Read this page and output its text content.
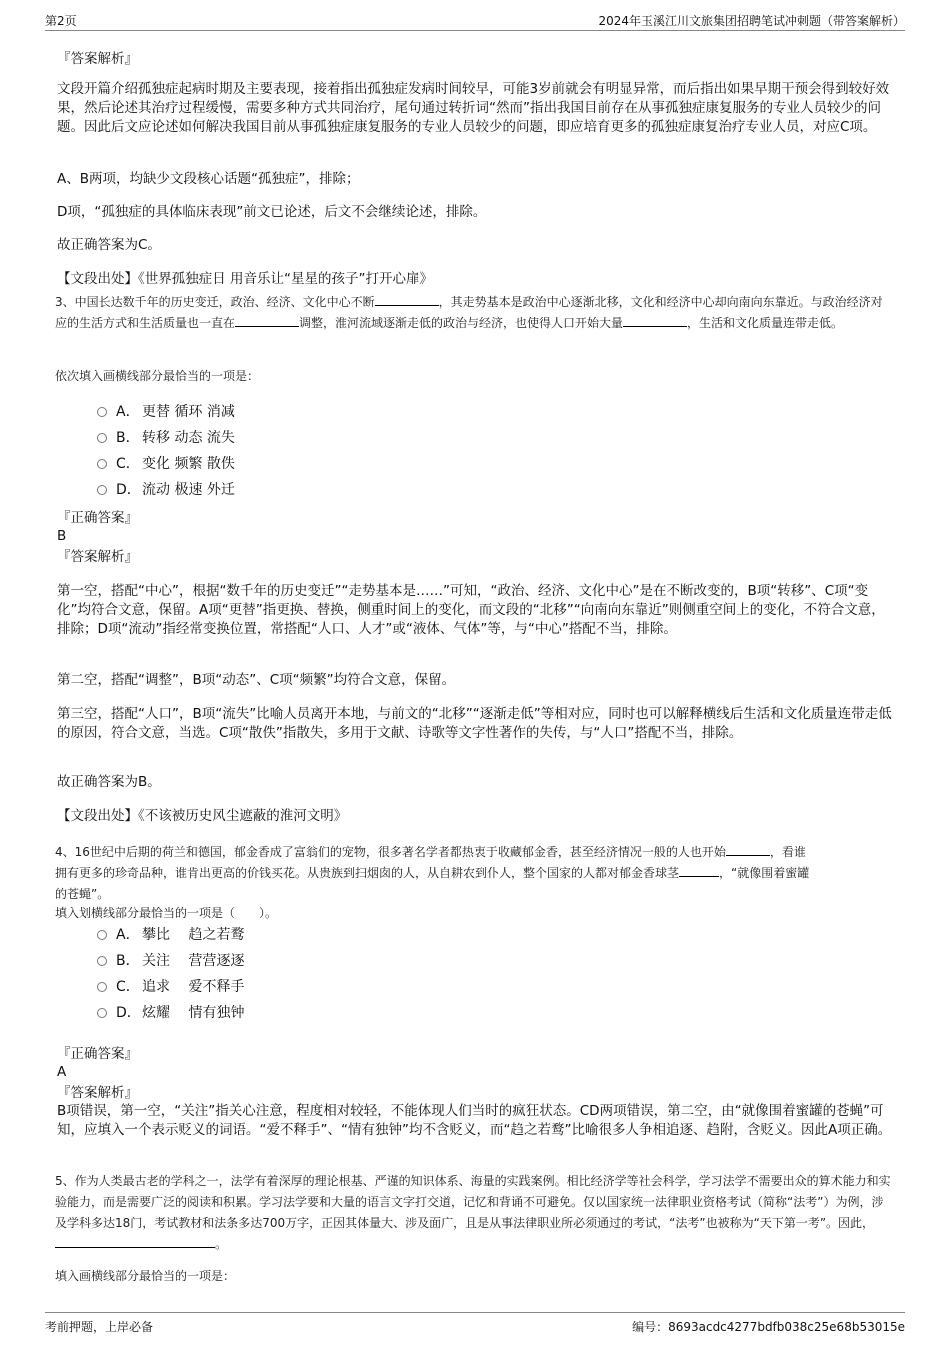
第2页	2024年玉溪江川文旅集团招聘笔试冲刺题（带答案解析）
『答案解析』
文段开篇介绍孤独症起病时期及主要表现，接着指出孤独症发病时间较早，可能3岁前就会有明显异常，而后指出如果早期干预会得到较好效果，然后论述其治疗过程缓慢，需要多种方式共同治疗，尾句通过转折词“然而”指出我国目前存在从事孤独症康复服务的专业人员较少的问题。因此后文应论述如何解决我国目前从事孤独症康复服务的专业人员较少的问题，即应培育更多的孤独症康复治疗专业人员，对应C项。
A、B两项，均缺少文段核心话题“孤独症”，排除；
D项，“孤独症的具体临床表现”前文已论述，后文不会继续论述，排除。
故正确答案为C。
【文段出处】《世界孤独症日 用音乐让“星星的孩子”打开心扉》
3、中国长达数千年的历史变迁，政治、经济、文化中心不断	，其走势基本是政治中心逐渐北移，文化和经济中心却向南向东靠近。与政治经济对应的生活方式和生活质量也一直在	调整，淮河流域逐渐走低的政治与经济，也使得人口开始大量	，生活和文化质量连带走低。
依次填入画横线部分最恰当的一项是：
A． 更替 循环 消减
B． 转移 动态 流失
C． 变化 频繁 散佚
D．流动 极速 外迁
『正确答案』
B
『答案解析』
第一空，搭配“中心”，根据“数千年的历史变迁”“走势基本是……”可知，“政治、经济、文化中心”是在不断改变的，B项“转移”、C项“变化”均符合文意，保留。A项“更替”指更换、替换，侧重时间上的变化，而文段的“北移”“向南向东靠近”则侧重空间上的变化，不符合文意，排除；D项“流动”指经常变换位置，常搭配“人口、人才”或“液体、气体”等，与“中心”搭配不当，排除。
第二空，搭配“调整”，B项“动态”、C项“频繁”均符合文意，保留。
第三空，搭配“人口”，B项“流失”比喻人员离开本地，与前文的“北移”“逐渐走低”等相对应，同时也可以解释横线后生活和文化质量连带走低的原因，符合文意，当选。C项“散佚”指散失，多用于文献、诗歌等文字性著作的失传，与“人口”搭配不当，排除。
故正确答案为B。
【文段出处】《不该被历史风尘遮蔽的淮河文明》
4、16世纪中后期的荷兰和德国，郁金香成了富翁们的宠物，很多著名学者都热衷于收藏郁金香，甚至经济情况一般的人也开始	，看谁
拥有更多的珍奇品种，谁肯出更高的价钱买花。从贵族到扫烟囱的人，从自耕农到仆人，整个国家的人都对郁金香球茎	，“就像围着蜜罐
的苍蝇”。
填入划横线部分最恰当的一项是（　　）。
A． 攀比　 趋之若鹜
B． 关注　 营营逐逐
C． 追求　 爱不释手
D．炫耀　 情有独钟
『正确答案』
A
『答案解析』
B项错误，第一空，“关注”指关心注意，程度相对较轻，不能体现人们当时的疯狂状态。CD两项错误，第二空，由“就像围着蜜罐的苍蝇”可知，应填入一个表示贬义的词语。“爱不释手”、“情有独钟”均不含贬义，而“趋之若鹜”比喻很多人争相追逐、趋附，含贬义。因此A项正确。
5、作为人类最古老的学科之一，法学有着深厚的理论根基、严谨的知识体系、海量的实践案例。相比经济学等社会科学，学习法学不需要出众的算术能力和实验能力，而是需要广泛的阅读和积累。学习法学要和大量的语言文字打交道，记忆和背诵不可避免。仅以国家统一法律职业资格考试（简称“法考”）为例，涉及学科多达18门，考试教材和法条多达700万字，正因其体量大、涉及面广，且是从事法律职业所必须通过的考试，“法考”也被称为“天下第一考”。因此，。
填入画横线部分最恰当的一项是：
考前押题，上岸必备	编号：8693acdc4277bdfb038c25e68b53015e
